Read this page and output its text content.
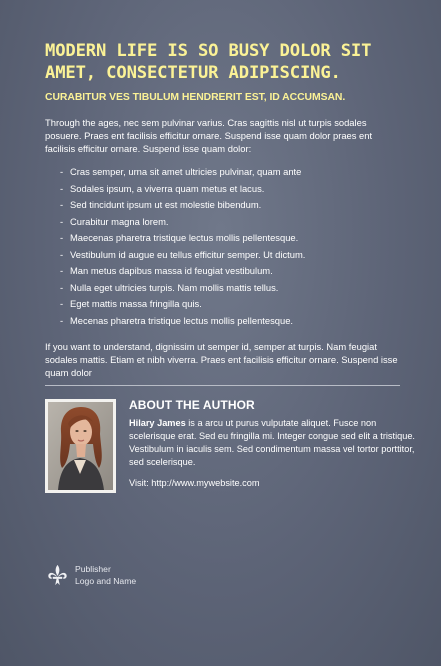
MODERN LIFE IS SO BUSY DOLOR SIT AMET, CONSECTETUR ADIPISCING.
CURABITUR VES TIBULUM HENDRERIT EST, ID ACCUMSAN.

Through the ages, nec sem pulvinar varius. Cras sagittis nisl ut turpis sodales posuere. Praes ent facilisis efficitur ornare. Suspend isse quam dolor praes ent facilisis efficitur ornare. Suspend isse quam dolor:

- Cras semper, urna sit amet ultricies pulvinar, quam ante
- Sodales ipsum, a viverra quam metus et lacus.
- Sed tincidunt ipsum ut est molestie bibendum.
- Curabitur magna lorem.
- Maecenas pharetra tristique lectus mollis pellentesque.
- Vestibulum id augue eu tellus efficitur semper. Ut dictum.
- Man metus dapibus massa id feugiat vestibulum.
- Nulla eget ultricies turpis. Nam mollis mattis tellus.
- Eget mattis massa fringilla quis.
- Mecenas pharetra tristique lectus mollis pellentesque.

If you want to understand, dignissim ut semper id, semper at turpis. Nam feugiat sodales mattis. Etiam et nibh viverra. Praes ent facilisis efficitur ornare. Suspend isse quam dolor

ABOUT THE AUTHOR

Hilary James is a arcu ut purus vulputate aliquet. Fusce non scelerisque erat. Sed eu fringilla mi. Integer congue sed elit a tristique. Vestibulum in iaculis sem. Sed condimentum massa vel tortor porttitor, sed scelerisque.

Visit: http://www.mywebsite.com

Publisher
Logo and Name
